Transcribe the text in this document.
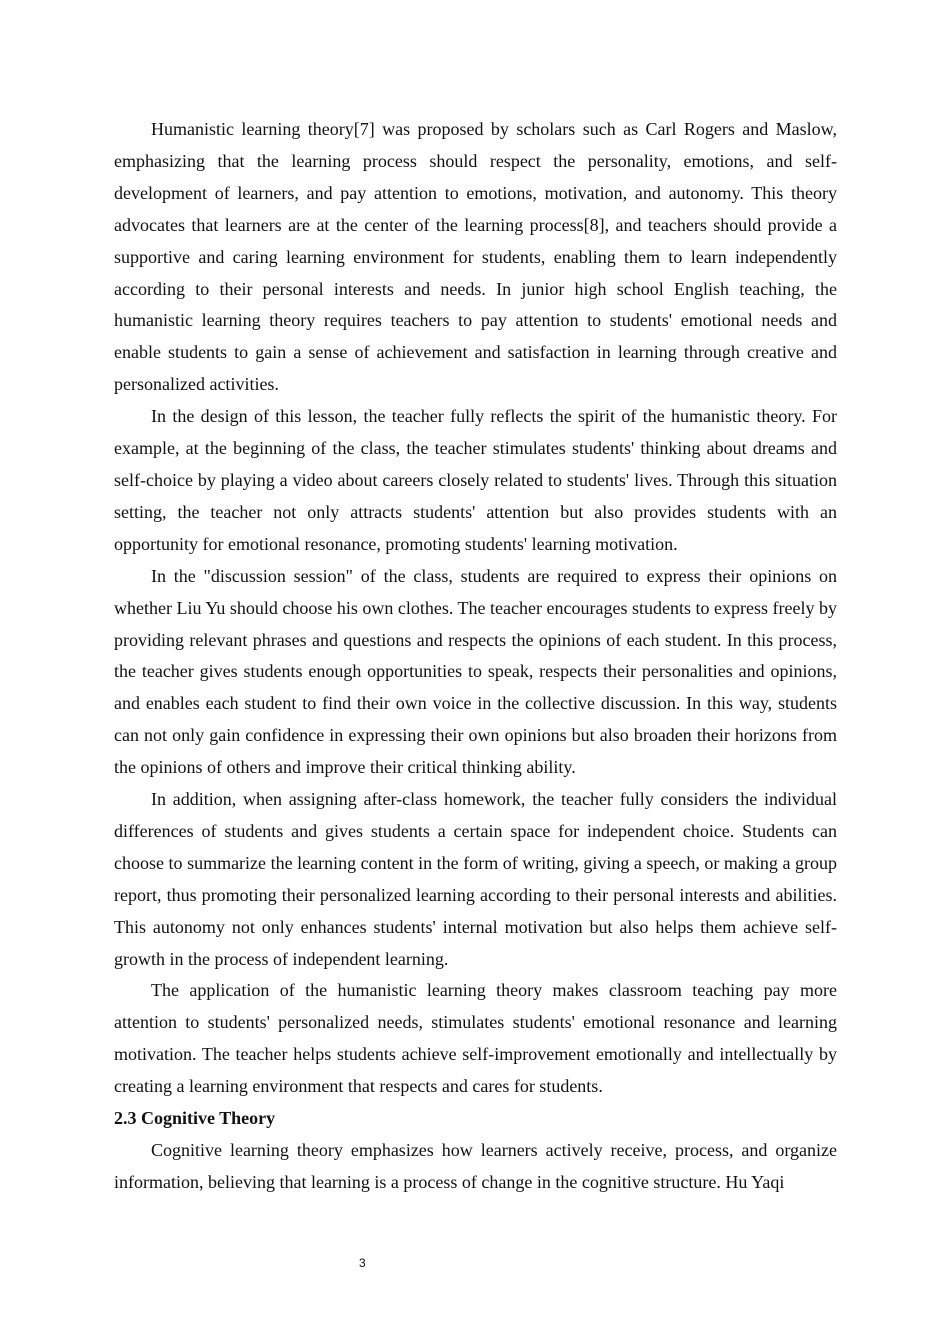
Humanistic learning theory[7] was proposed by scholars such as Carl Rogers and Maslow, emphasizing that the learning process should respect the personality, emotions, and self-development of learners, and pay attention to emotions, motivation, and autonomy. This theory advocates that learners are at the center of the learning process[8], and teachers should provide a supportive and caring learning environment for students, enabling them to learn independently according to their personal interests and needs. In junior high school English teaching, the humanistic learning theory requires teachers to pay attention to students' emotional needs and enable students to gain a sense of achievement and satisfaction in learning through creative and personalized activities.

In the design of this lesson, the teacher fully reflects the spirit of the humanistic theory. For example, at the beginning of the class, the teacher stimulates students' thinking about dreams and self-choice by playing a video about careers closely related to students' lives. Through this situation setting, the teacher not only attracts students' attention but also provides students with an opportunity for emotional resonance, promoting students' learning motivation.

In the "discussion session" of the class, students are required to express their opinions on whether Liu Yu should choose his own clothes. The teacher encourages students to express freely by providing relevant phrases and questions and respects the opinions of each student. In this process, the teacher gives students enough opportunities to speak, respects their personalities and opinions, and enables each student to find their own voice in the collective discussion. In this way, students can not only gain confidence in expressing their own opinions but also broaden their horizons from the opinions of others and improve their critical thinking ability.

In addition, when assigning after-class homework, the teacher fully considers the individual differences of students and gives students a certain space for independent choice. Students can choose to summarize the learning content in the form of writing, giving a speech, or making a group report, thus promoting their personalized learning according to their personal interests and abilities. This autonomy not only enhances students' internal motivation but also helps them achieve self-growth in the process of independent learning.

The application of the humanistic learning theory makes classroom teaching pay more attention to students' personalized needs, stimulates students' emotional resonance and learning motivation. The teacher helps students achieve self-improvement emotionally and intellectually by creating a learning environment that respects and cares for students.

2.3 Cognitive Theory

Cognitive learning theory emphasizes how learners actively receive, process, and organize information, believing that learning is a process of change in the cognitive structure. Hu Yaqi

3
